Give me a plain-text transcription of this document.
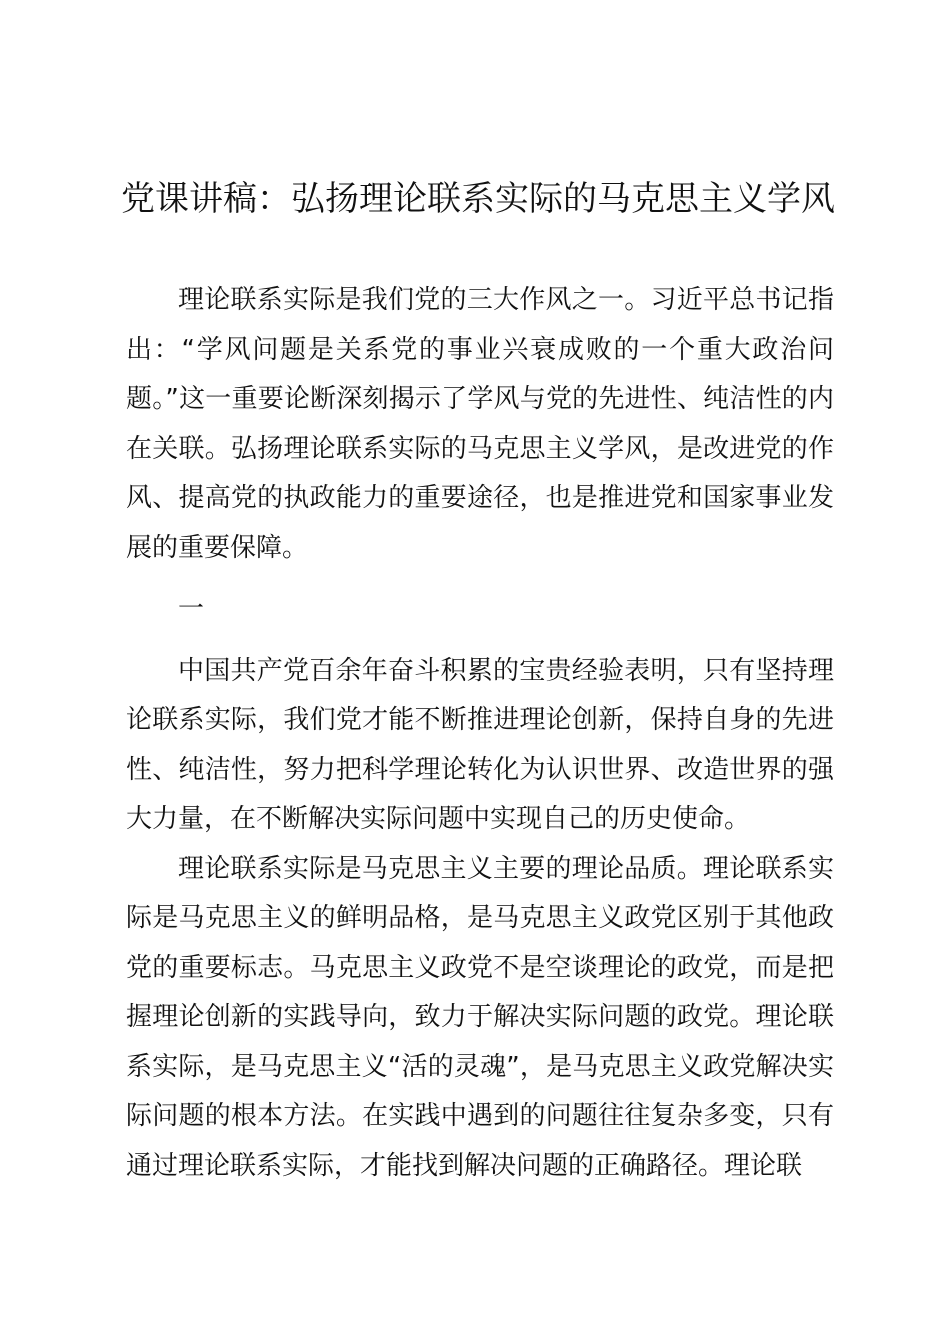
党课讲稿：弘扬理论联系实际的马克思主义学风

理论联系实际是我们党的三大作风之一。习近平总书记指出：“学风问题是关系党的事业兴衰成败的一个重大政治问题。”这一重要论断深刻揭示了学风与党的先进性、纯洁性的内在关联。弘扬理论联系实际的马克思主义学风，是改进党的作风、提高党的执政能力的重要途径，也是推进党和国家事业发展的重要保障。

一

中国共产党百余年奋斗积累的宝贵经验表明，只有坚持理论联系实际，我们党才能不断推进理论创新，保持自身的先进性、纯洁性，努力把科学理论转化为认识世界、改造世界的强大力量，在不断解决实际问题中实现自己的历史使命。

理论联系实际是马克思主义主要的理论品质。理论联系实际是马克思主义的鲜明品格，是马克思主义政党区别于其他政党的重要标志。马克思主义政党不是空谈理论的政党，而是把握理论创新的实践导向，致力于解决实际问题的政党。理论联系实际，是马克思主义“活的灵魂”，是马克思主义政党解决实际问题的根本方法。在实践中遇到的问题往往复杂多变，只有通过理论联系实际，才能找到解决问题的正确路径。理论联
